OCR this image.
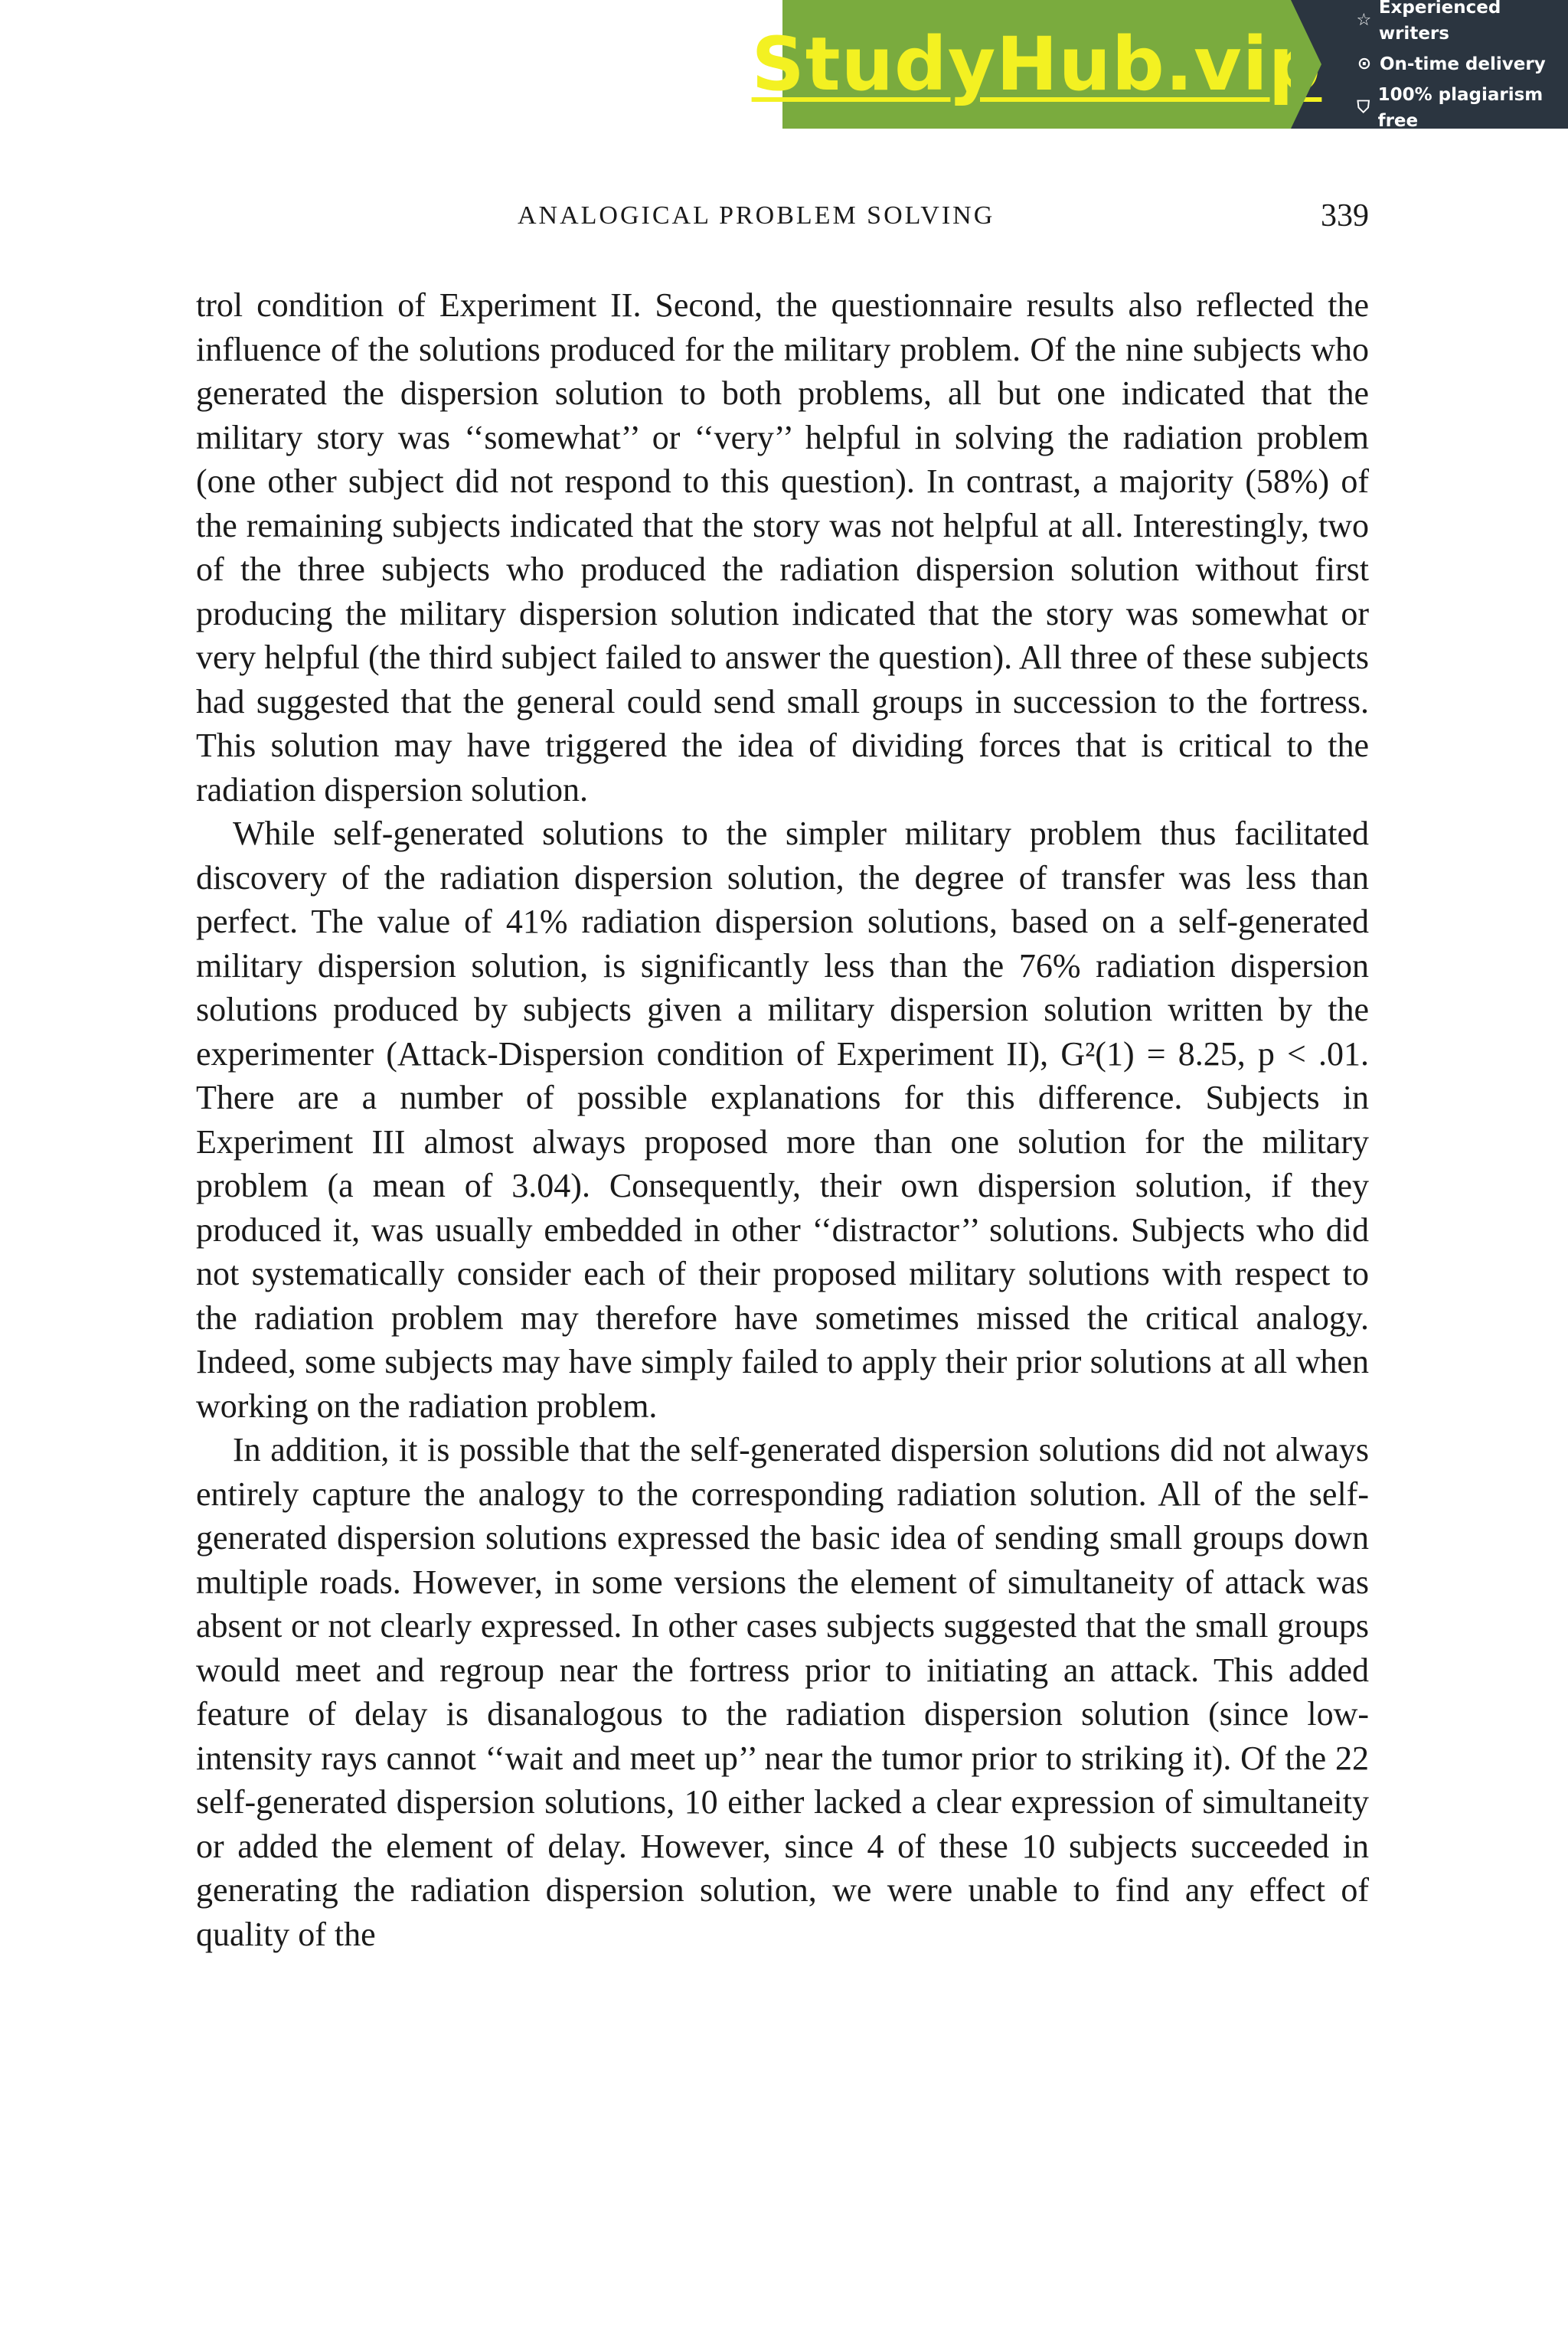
StudyHub.vip
☆
Experienced writers
⊙ On-time delivery
⛉
100% plagiarism free
ANALOGICAL PROBLEM SOLVING	339

trol condition of Experiment II. Second, the questionnaire results also reflected the influence of the solutions produced for the military problem. Of the nine subjects who generated the dispersion solution to both problems, all but one indicated that the military story was ‘‘somewhat’’ or ‘‘very’’ helpful in solving the radiation problem (one other subject did not respond to this question). In contrast, a majority (58%) of the remaining subjects indicated that the story was not helpful at all. Interestingly, two of the three subjects who produced the radiation dispersion solution without first producing the military dispersion solution indicated that the story was somewhat or very helpful (the third subject failed to answer the question). All three of these subjects had suggested that the general could send small groups in succession to the fortress. This solution may have triggered the idea of dividing forces that is critical to the radiation dispersion solution.

While self-generated solutions to the simpler military problem thus facilitated discovery of the radiation dispersion solution, the degree of transfer was less than perfect. The value of 41% radiation dispersion solutions, based on a self-generated military dispersion solution, is significantly less than the 76% radiation dispersion solutions produced by subjects given a military dispersion solution written by the experimenter (Attack-Dispersion condition of Experiment II), G²(1) = 8.25, p < .01. There are a number of possible explanations for this difference. Subjects in Experiment III almost always proposed more than one solution for the military problem (a mean of 3.04). Consequently, their own dispersion solution, if they produced it, was usually embedded in other ‘‘distractor’’ solutions. Subjects who did not systematically consider each of their proposed military solutions with respect to the radiation problem may therefore have sometimes missed the critical analogy. Indeed, some subjects may have simply failed to apply their prior solutions at all when working on the radiation problem.

In addition, it is possible that the self-generated dispersion solutions did not always entirely capture the analogy to the corresponding radiation solution. All of the self-generated dispersion solutions expressed the basic idea of sending small groups down multiple roads. However, in some versions the element of simultaneity of attack was absent or not clearly expressed. In other cases subjects suggested that the small groups would meet and regroup near the fortress prior to initiating an attack. This added feature of delay is disanalogous to the radiation dispersion solution (since low-intensity rays cannot ‘‘wait and meet up’’ near the tumor prior to striking it). Of the 22 self-generated dispersion solutions, 10 either lacked a clear expression of simultaneity or added the element of delay. However, since 4 of these 10 subjects succeeded in generating the radiation dispersion solution, we were unable to find any effect of quality of the
